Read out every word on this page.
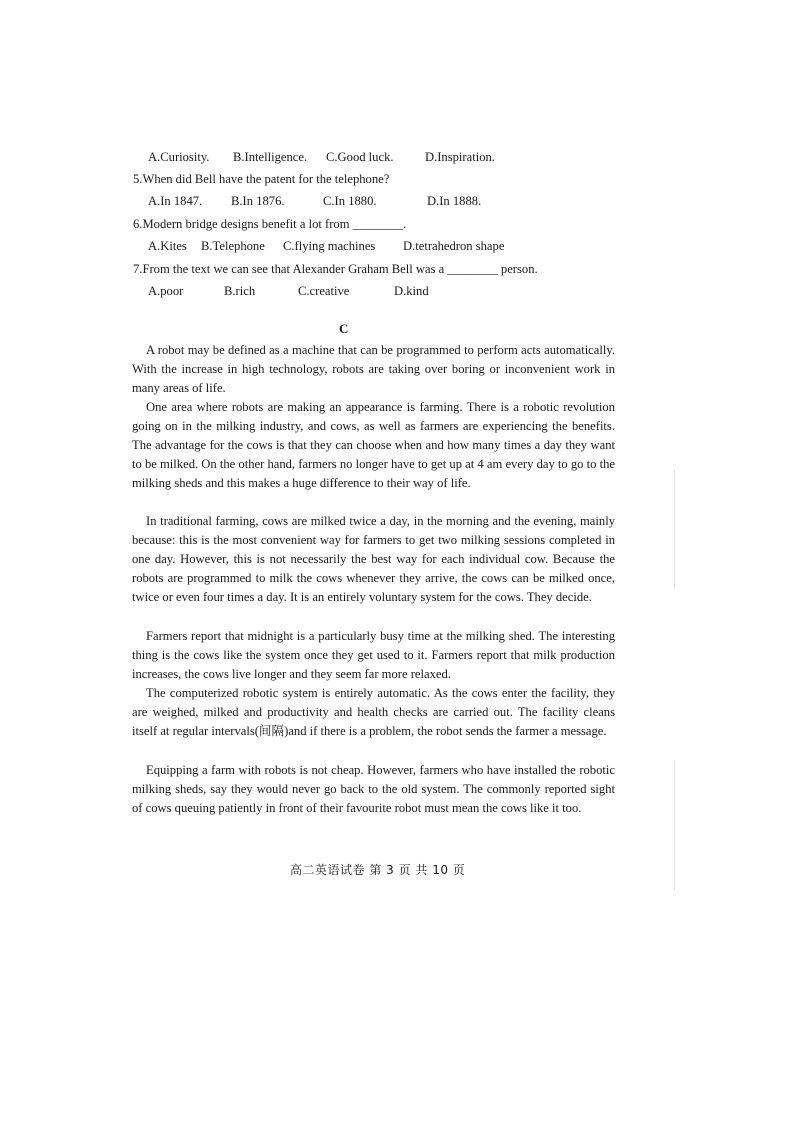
A.Curiosity. B.Intelligence. C.Good luck. D.Inspiration.
5.When did Bell have the patent for the telephone?
A.In 1847. B.In 1876.	C.In 1880.	D.In 1888.
6.Modern bridge designs benefit a lot from ________.
A.Kites B.Telephone C.flying machines D.tetrahedron shape
7.From the text we can see that Alexander Graham Bell was a ________ person.
A.poor	B.rich	C.creative	D.kind
C

A robot may be defined as a machine that can be programmed to perform acts automatically. With the increase in high technology, robots are taking over boring or inconvenient work in many areas of life.

One area where robots are making an appearance is farming. There is a robotic revolution going on in the milking industry, and cows, as well as farmers are experiencing the benefits. The advantage for the cows is that they can choose when and how many times a day they want to be milked. On the other hand, farmers no longer have to get up at 4 am every day to go to the milking sheds and this makes a huge difference to their way of life.

In traditional farming, cows are milked twice a day, in the morning and the evening, mainly because: this is the most convenient way for farmers to get two milking sessions completed in one day. However, this is not necessarily the best way for each individual cow. Because the robots are programmed to milk the cows whenever they arrive, the cows can be milked once, twice or even four times a day. It is an entirely voluntary system for the cows. They decide.

Farmers report that midnight is a particularly busy time at the milking shed. The interesting thing is the cows like the system once they get used to it. Farmers report that milk production increases, the cows live longer and they seem far more relaxed.

The computerized robotic system is entirely automatic. As the cows enter the facility, they are weighed, milked and productivity and health checks are carried out. The facility cleans itself at regular intervals(间隔)and if there is a problem, the robot sends the farmer a message.

Equipping a farm with robots is not cheap. However, farmers who have installed the robotic milking sheds, say they would never go back to the old system. The commonly reported sight of cows queuing patiently in front of their favourite robot must mean the cows like it too.

高二英语试卷 第 3 页 共 10 页
